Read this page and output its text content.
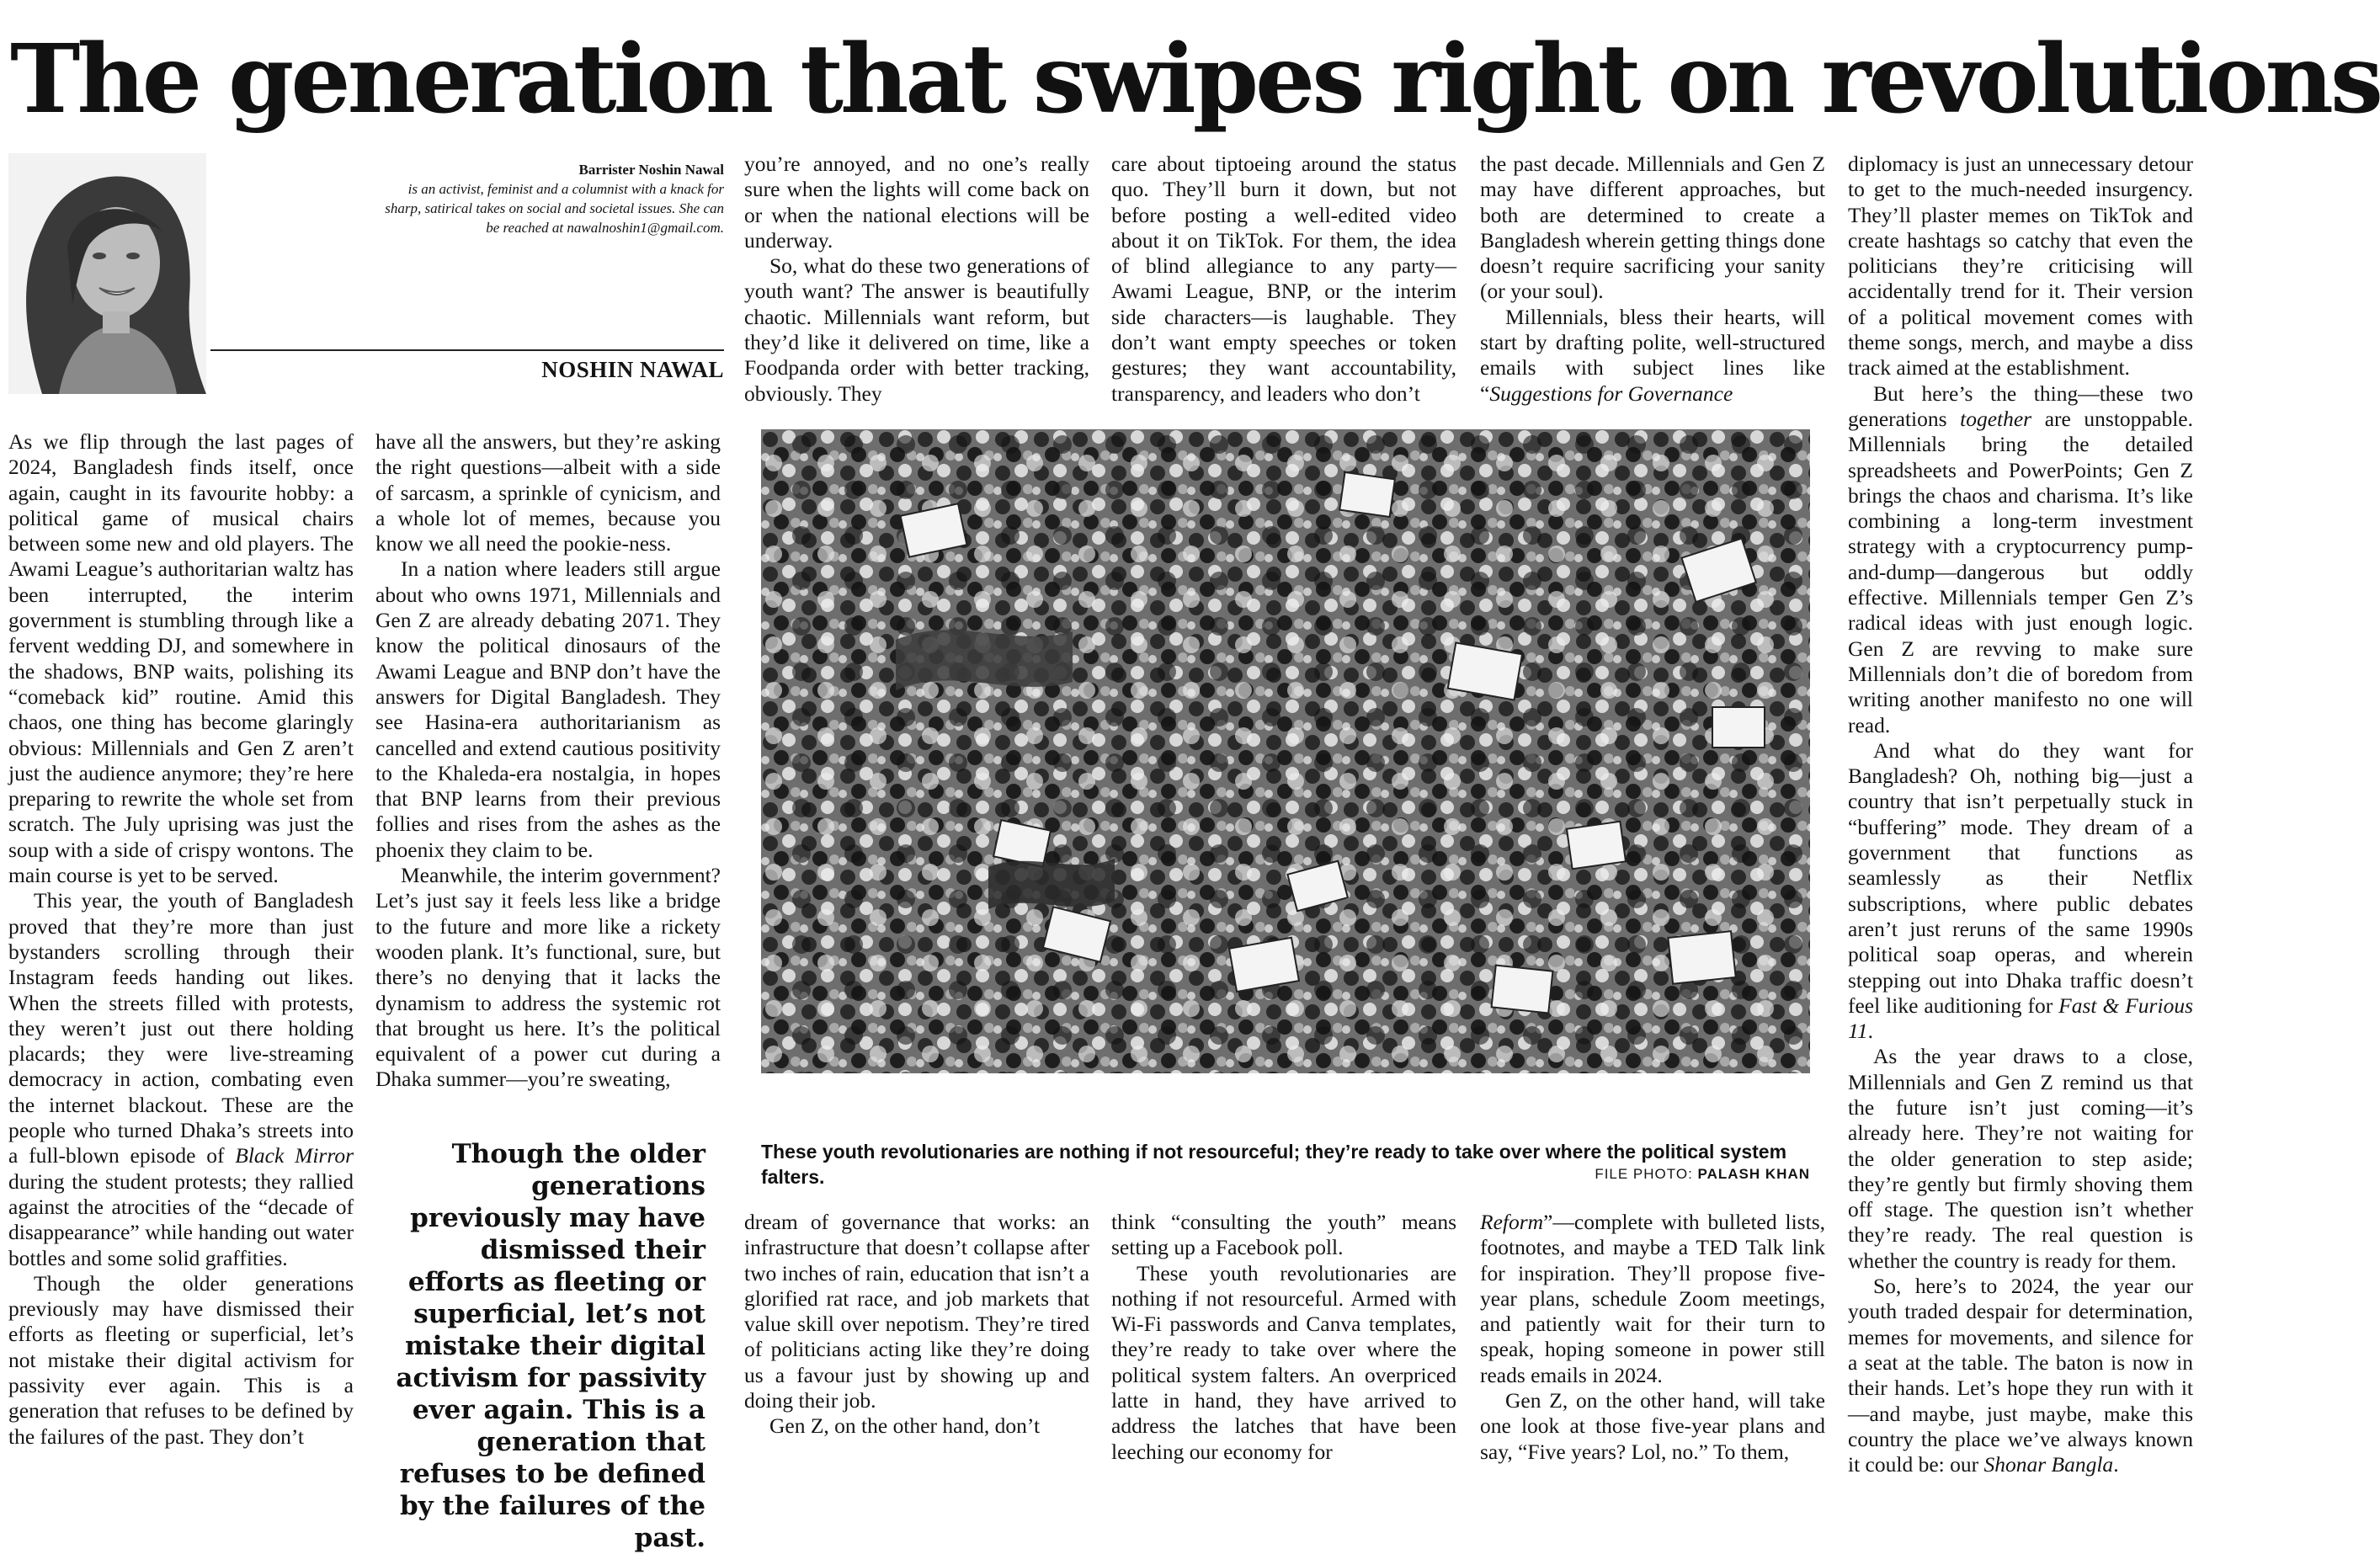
The generation that swipes right on revolutions
Barrister Noshin Nawal
is an activist, feminist and a columnist with a knack for sharp, satirical takes on social and societal issues. She can be reached at nawalnoshin1@gmail.com.
NOSHIN NAWAL

As we flip through the last pages of 2024, Bangladesh finds itself, once again, caught in its favourite hobby: a political game of musical chairs between some new and old players. The Awami League’s authoritarian waltz has been interrupted, the interim government is stumbling through like a fervent wedding DJ, and somewhere in the shadows, BNP waits, polishing its “comeback kid” routine. Amid this chaos, one thing has become glaringly obvious: Millennials and Gen Z aren’t just the audience anymore; they’re here preparing to rewrite the whole set from scratch. The July uprising was just the soup with a side of crispy wontons. The main course is yet to be served.

This year, the youth of Bangladesh proved that they’re more than just bystanders scrolling through their Instagram feeds handing out likes. When the streets filled with protests, they weren’t just out there holding placards; they were live-streaming democracy in action, combating even the internet blackout. These are the people who turned Dhaka’s streets into a full-blown episode of Black Mirror during the student protests; they rallied against the atrocities of the “decade of disappearance” while handing out water bottles and some solid graffities.

Though the older generations previously may have dismissed their efforts as fleeting or superficial, let’s not mistake their digital activism for passivity ever again. This is a generation that refuses to be defined by the failures of the past. They don’t

have all the answers, but they’re asking the right questions—albeit with a side of sarcasm, a sprinkle of cynicism, and a whole lot of memes, because you know we all need the pookie-ness.

In a nation where leaders still argue about who owns 1971, Millennials and Gen Z are already debating 2071. They know the political dinosaurs of the Awami League and BNP don’t have the answers for Digital Bangladesh. They see Hasina-era authoritarianism as cancelled and extend cautious positivity to the Khaleda-era nostalgia, in hopes that BNP learns from their previous follies and rises from the ashes as the phoenix they claim to be.

Meanwhile, the interim government? Let’s just say it feels less like a bridge to the future and more like a rickety wooden plank. It’s functional, sure, but there’s no denying that it lacks the dynamism to address the systemic rot that brought us here. It’s the political equivalent of a power cut during a Dhaka summer—you’re sweating,

Though the older generations previously may have dismissed their efforts as fleeting or superficial, let’s not mistake their digital activism for passivity ever again. This is a generation that refuses to be defined by the failures of the past.

you’re annoyed, and no one’s really sure when the lights will come back on or when the national elections will be underway.

So, what do these two generations of youth want? The answer is beautifully chaotic. Millennials want reform, but they’d like it delivered on time, like a Foodpanda order with better tracking, obviously. They

care about tiptoeing around the status quo. They’ll burn it down, but not before posting a well-edited video about it on TikTok. For them, the idea of blind allegiance to any party—Awami League, BNP, or the interim side characters—is laughable. They don’t want empty speeches or token gestures; they want accountability, transparency, and leaders who don’t

the past decade. Millennials and Gen Z may have different approaches, but both are determined to create a Bangladesh wherein getting things done doesn’t require sacrificing your sanity (or your soul).

Millennials, bless their hearts, will start by drafting polite, well-structured emails with subject lines like “Suggestions for Governance

These youth revolutionaries are nothing if not resourceful; they’re ready to take over where the political system falters.	FILE PHOTO: PALASH KHAN

dream of governance that works: an infrastructure that doesn’t collapse after two inches of rain, education that isn’t a glorified rat race, and job markets that value skill over nepotism. They’re tired of politicians acting like they’re doing us a favour just by showing up and doing their job.

Gen Z, on the other hand, don’t

think “consulting the youth” means setting up a Facebook poll.

These youth revolutionaries are nothing if not resourceful. Armed with Wi-Fi passwords and Canva templates, they’re ready to take over where the political system falters. An overpriced latte in hand, they have arrived to address the latches that have been leeching our economy for

Reform”—complete with bulleted lists, footnotes, and maybe a TED Talk link for inspiration. They’ll propose five-year plans, schedule Zoom meetings, and patiently wait for their turn to speak, hoping someone in power still reads emails in 2024.

Gen Z, on the other hand, will take one look at those five-year plans and say, “Five years? Lol, no.” To them,

diplomacy is just an unnecessary detour to get to the much-needed insurgency. They’ll plaster memes on TikTok and create hashtags so catchy that even the politicians they’re criticising will accidentally trend for it. Their version of a political movement comes with theme songs, merch, and maybe a diss track aimed at the establishment.

But here’s the thing—these two generations together are unstoppable. Millennials bring the detailed spreadsheets and PowerPoints; Gen Z brings the chaos and charisma. It’s like combining a long-term investment strategy with a cryptocurrency pump-and-dump—dangerous but oddly effective. Millennials temper Gen Z’s radical ideas with just enough logic. Gen Z are revving to make sure Millennials don’t die of boredom from writing another manifesto no one will read.

And what do they want for Bangladesh? Oh, nothing big—just a country that isn’t perpetually stuck in “buffering” mode. They dream of a government that functions as seamlessly as their Netflix subscriptions, where public debates aren’t just reruns of the same 1990s political soap operas, and wherein stepping out into Dhaka traffic doesn’t feel like auditioning for Fast & Furious 11.

As the year draws to a close, Millennials and Gen Z remind us that the future isn’t just coming—it’s already here. They’re not waiting for the older generation to step aside; they’re gently but firmly shoving them off stage. The question isn’t whether they’re ready. The real question is whether the country is ready for them.

So, here’s to 2024, the year our youth traded despair for determination, memes for movements, and silence for a seat at the table. The baton is now in their hands. Let’s hope they run with it—and maybe, just maybe, make this country the place we’ve always known it could be: our Shonar Bangla.
